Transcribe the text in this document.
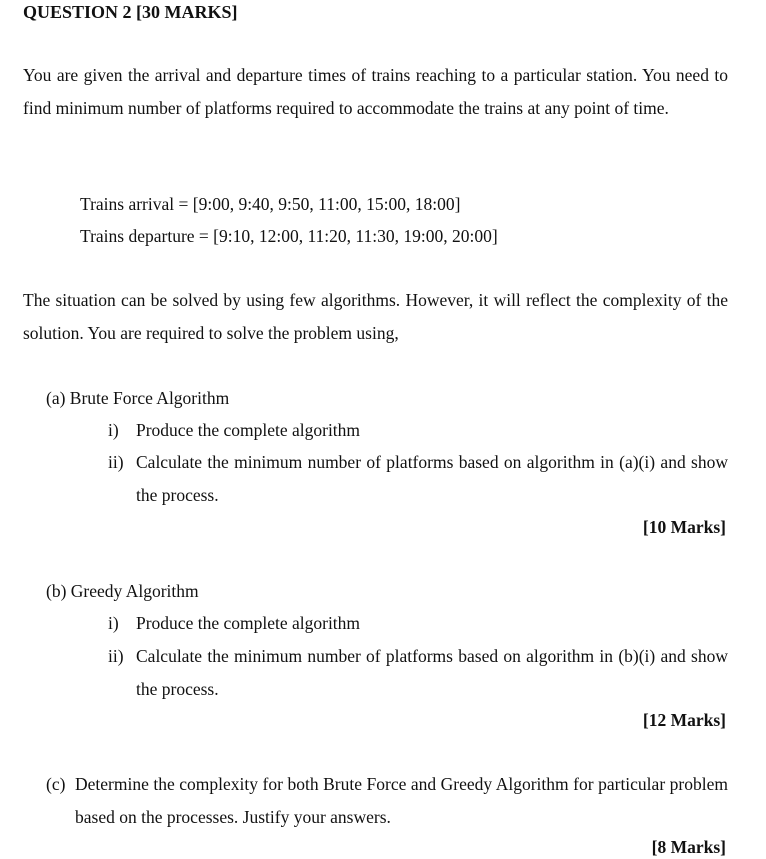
QUESTION 2 [30 MARKS]
You are given the arrival and departure times of trains reaching to a particular station. You need to find minimum number of platforms required to accommodate the trains at any point of time.
Trains arrival = [9:00, 9:40, 9:50, 11:00, 15:00, 18:00]
Trains departure = [9:10, 12:00, 11:20, 11:30, 19:00, 20:00]
The situation can be solved by using few algorithms. However, it will reflect the complexity of the solution. You are required to solve the problem using,
(a) Brute Force Algorithm
i) Produce the complete algorithm
ii) Calculate the minimum number of platforms based on algorithm in (a)(i) and show the process.
[10 Marks]
(b) Greedy Algorithm
i) Produce the complete algorithm
ii) Calculate the minimum number of platforms based on algorithm in (b)(i) and show the process.
[12 Marks]
(c) Determine the complexity for both Brute Force and Greedy Algorithm for particular problem based on the processes. Justify your answers.
[8 Marks]
